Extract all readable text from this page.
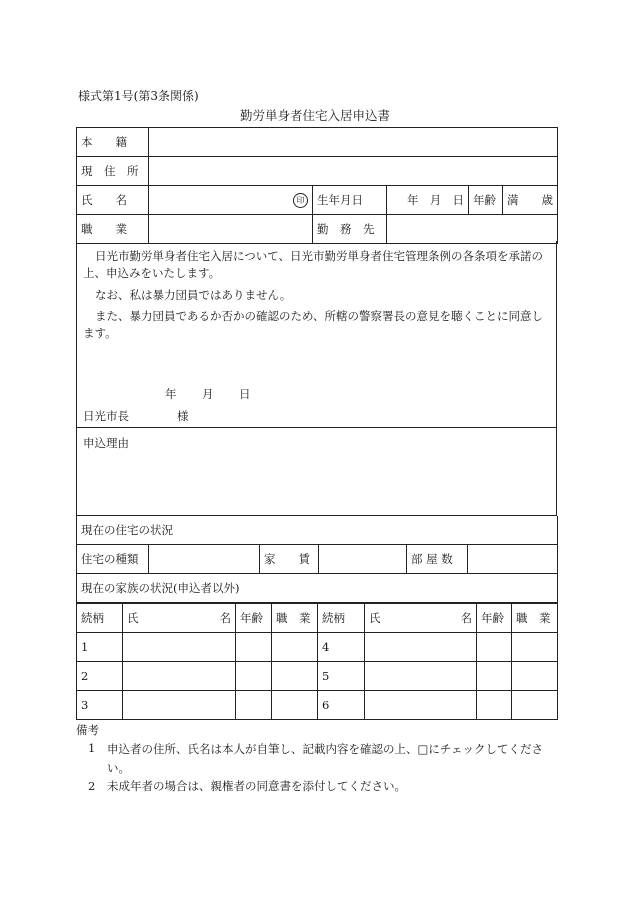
様式第1号(第3条関係)
勤労単身者住宅入居申込書
本　　籍					
現　住　所					
氏　　名	印	生年月日	年 月 日	年齢	満 歳

職　　業		勤　務　先			
日光市勤労単身者住宅入居について、日光市勤労単身者住宅管理条例の各条項を承諾の上、申込みをいたします。
なお、私は暴力団員ではありません。
また、暴力団員であるか否かの確認のため、所轄の警察署長の意見を聴くことに同意します。
年 月 日
日光市長	様
申込理由
現在の住宅の状況
住宅の種類		家　　賃		部 屋 数	
現在の家族の状況(申込者以外)
続柄	氏 名	年齢	職　業	続柄	氏 名	年齢	職　業
1				4			
2				5			
3				6			
備考
1 申込者の住所、氏名は本人が自筆し、記載内容を確認の上、□にチェックしてください。
2 未成年者の場合は、親権者の同意書を添付してください。
